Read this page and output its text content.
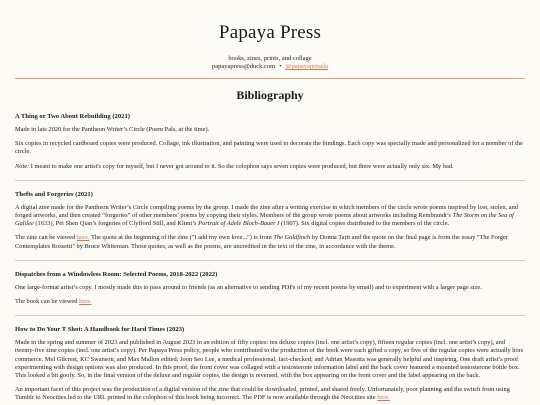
Papaya Press
books, zines, prints, and collage
papayapress@duck.com • @papayapressla
Bibliography
A Thing or Two About Rebuilding (2021)

Made in late 2020 for the Pantheon Writer’s Circle (Poem Pals, at the time).

Six copies in recycled cardboard copies were produced. Collage, ink illustration, and painting were used to decorate the bindings. Each copy was specially made and personalized for a member of the circle.

Note: I meant to make one artist's copy for myself, but I never got around to it. So the colophon says seven copies were produced, but there were actually only six. My bad.

Thefts and Forgeries (2021)

A digital zine made for the Pantheon Writer’s Circle compiling poems by the group. I made the zine after a writing exercise in which members of the circle wrote poems inspired by lost, stolen, and forged artworks, and then created “forgeries” of other members’ poems by copying their styles. Members of the group wrote poems about artworks including Rembrandt’s The Storm on the Sea of Galilee (1633), Pei Shen Qian’s forgeries of Clyfford Still, and Klimt’s Portrait of Adele Bloch-Bauer I (1907). Six digital copies distributed to the members of the circle.

The zine can be viewed here. The quote at the beginning of the zine ("I add my own love...") is from The Goldfinch by Donna Tartt and the quote on the final page is from the essay "The Forger Contemplates Rossetti" by Bruce Whiteman. Those quotes, as well as the poems, are uncredited in the text of the zine, in accordance with the theme.

Dispatches from a Windowless Room: Selected Poems, 2018-2022 (2022)

One large-format artist’s copy. I mostly made this to pass around to friends (as an alternative to sending PDFs of my recent poems by email) and to experiment with a larger page size.

The book can be viewed here.

How to Do Your T Shot: A Handbook for Hard Times (2023)

Made in the spring and summer of 2023 and published in August 2023 in an edition of fifty copies: ten deluxe copies (incl. one artist’s copy), fifteen regular copies (incl. one artist’s copy), and twenty-five zine copies (incl. one artist’s copy). Per Papaya Press policy, people who contributed to the production of the book were each gifted a copy, so five of the regular copies were actually hors commerce. Mel Gilcrest, KC Swanson, and Max Mallon edited; Joon Seo Lee, a medical professional, fact-checked; and Adrian Masotta was generally helpful and inspiring. One draft artist’s proof experimenting with design options was also produced. In this proof, the front cover was collaged with a testosterone information label and the back cover featured a mounted testosterone bottle box. This looked a bit goofy. So, in the final version of the deluxe and regular copies, the design is reversed, with the box appearing on the front cover and the label appearing on the back.

An important facet of this project was the production of a digital version of the zine that could be downloaded, printed, and shared freely. Unfortunately, poor planning and the switch from using Tumblr to Neocities led to the URL printed in the colophon of this book being incorrect. The PDF is now available through the Neocities site here.
